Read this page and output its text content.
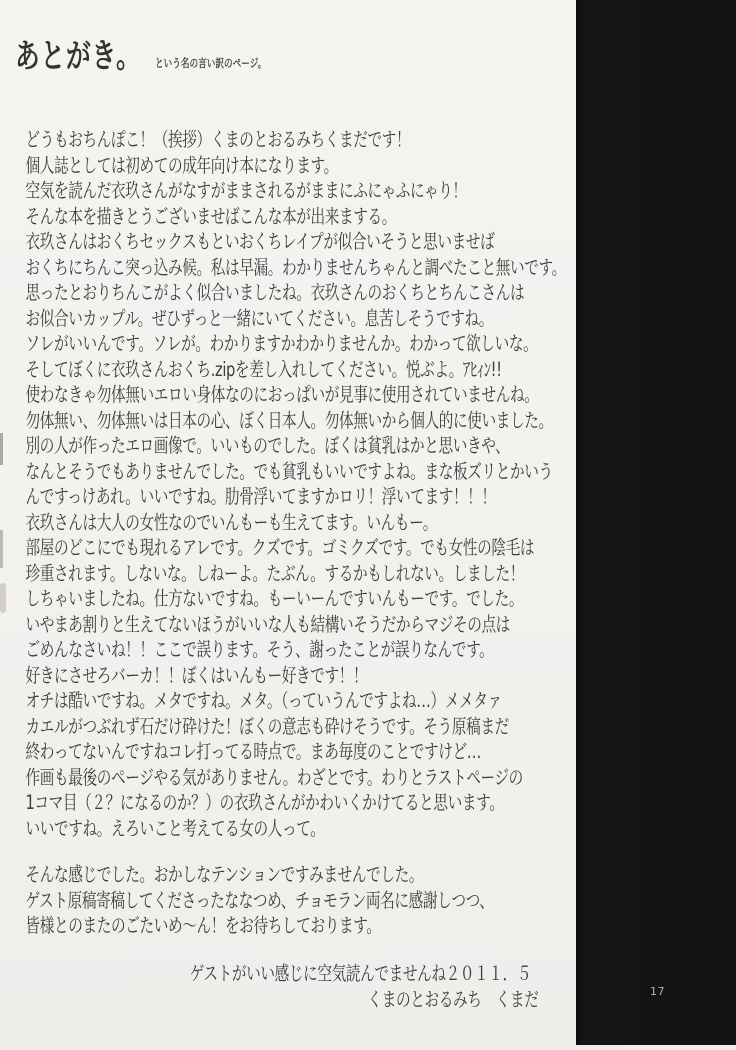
あとがき。 という名の言い訳のページ。
どうもおちんぽこ！（挨拶）くまのとおるみちくまだです！
個人誌としては初めての成年向け本になります。
空気を読んだ衣玖さんがなすがままされるがままにふにゃふにゃり！
そんな本を描きとうございませばこんな本が出来まする。
衣玖さんはおくちセックスもといおくちレイプが似合いそうと思いませば
おくちにちんこ突っ込み候。私は早漏。わかりませんちゃんと調べたこと無いです。
思ったとおりちんこがよく似合いましたね。衣玖さんのおくちとちんこさんは
お似合いカップル。ぜひずっと一緒にいてください。息苦しそうですね。
ソレがいいんです。ソレが。わかりますかわかりませんか。わかって欲しいな。
そしてぼくに衣玖さんおくち.zipを差し入れしてください。悦ぶよ。ｱﾋｨﾝ!!
使わなきゃ勿体無いエロい身体なのにおっぱいが見事に使用されていませんね。
勿体無い、勿体無いは日本の心、ぼく日本人。勿体無いから個人的に使いました。
別の人が作ったエロ画像で。いいものでした。ぼくは貧乳はかと思いきや、
なんとそうでもありませんでした。でも貧乳もいいですよね。まな板ズリとかいう
んですっけあれ。いいですね。肋骨浮いてますかロリ！浮いてます！！！
衣玖さんは大人の女性なのでいんもーも生えてます。いんもー。
部屋のどこにでも現れるアレです。クズです。ゴミクズです。でも女性の陰毛は
珍重されます。しないな。しねーよ。たぶん。するかもしれない。しました！
しちゃいましたね。仕方ないですね。もーいーんですいんもーです。でした。
いやまあ割りと生えてないほうがいいな人も結構いそうだからマジその点は
ごめんなさいね！！ここで誤ります。そう、謝ったことが誤りなんです。
好きにさせろバーカ！！ぼくはいんもー好きです！！
オチは酷いですね。メタですね。メタ。（っていうんですよね…）メメタァ
カエルがつぶれず石だけ砕けた！ぼくの意志も砕けそうです。そう原稿まだ
終わってないんですねコレ打ってる時点で。まあ毎度のことですけど…
作画も最後のページやる気がありません。わざとです。わりとラストページの
1コマ目（２？になるのか？）の衣玖さんがかわいくかけてると思います。
いいですね。えろいこと考えてる女の人って。
そんな感じでした。おかしなテンションですみませんでした。
ゲスト原稿寄稿してくださったななつめ、チョモラン両名に感謝しつつ、
皆様とのまたのごたいめ～ん！をお待ちしております。
ゲストがいい感じに空気読んでませんね２０１１．５
くまのとおるみち　くまだ	17
